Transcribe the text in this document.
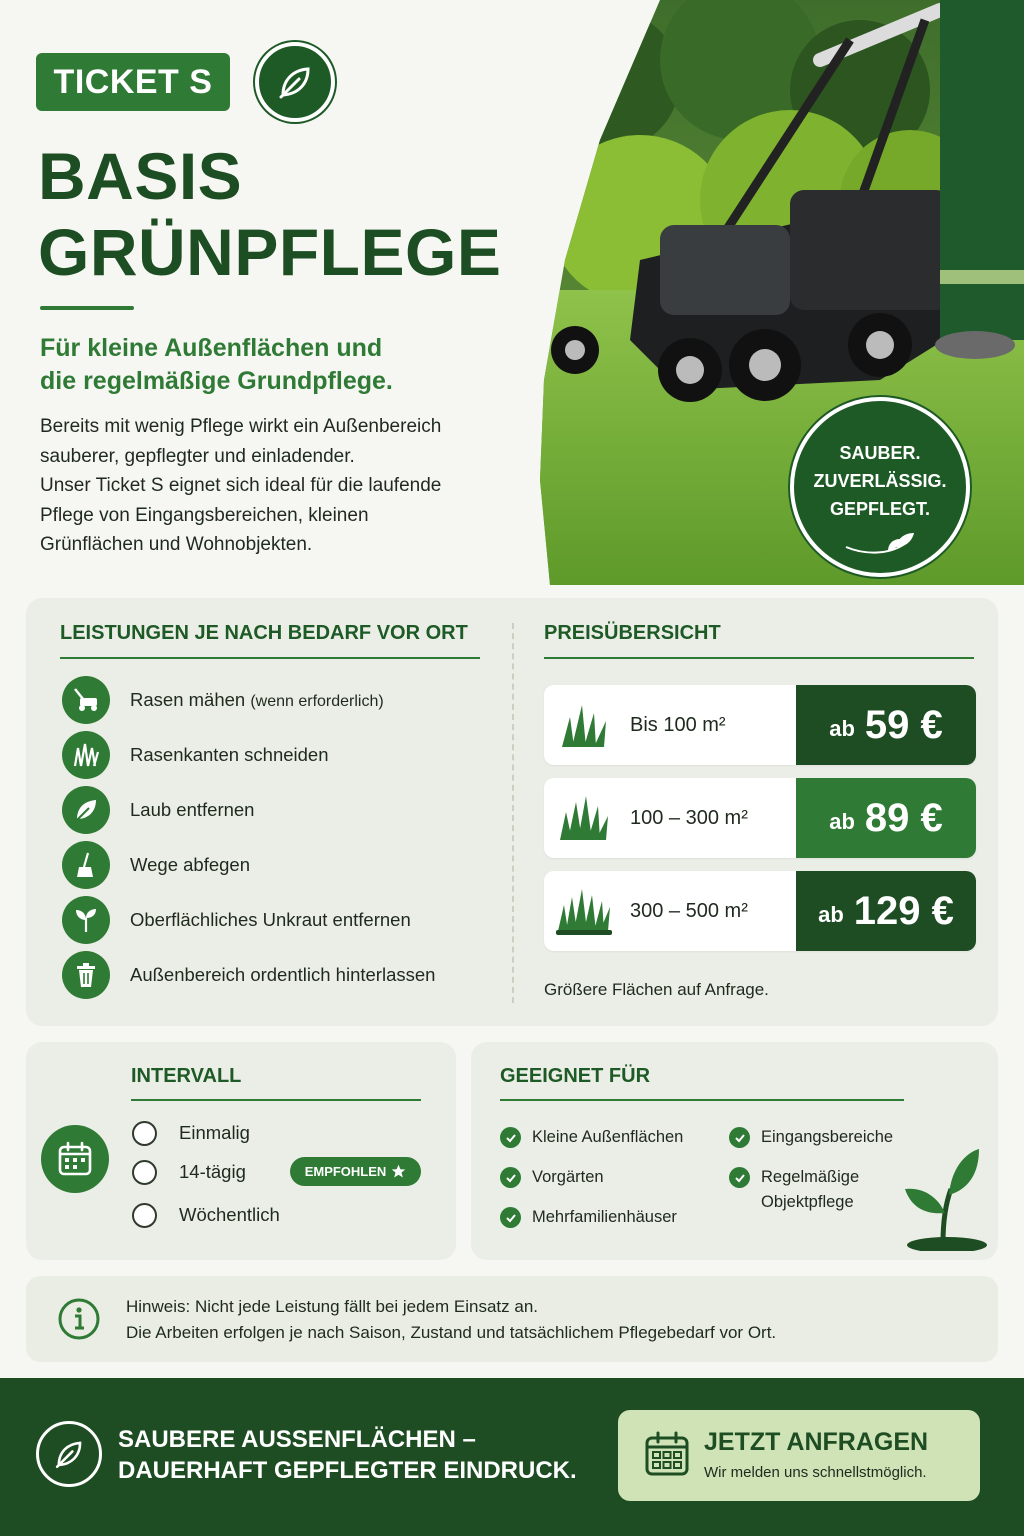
TICKET S
BASIS
GRÜNPFLEGE
Für kleine Außenflächen und
die regelmäßige Grundpflege.
Bereits mit wenig Pflege wirkt ein Außenbereich
sauberer, gepflegter und einladender.
Unser Ticket S eignet sich ideal für die laufende
Pflege von Eingangsbereichen, kleinen
Grünflächen und Wohnobjekten.
SAUBER.
ZUVERLÄSSIG.
GEPFLEGT.
LEISTUNGEN JE NACH BEDARF VOR ORT
Rasen mähen (wenn erforderlich)
Rasenkanten schneiden
Laub entfernen
Wege abfegen
Oberflächliches Unkraut entfernen
Außenbereich ordentlich hinterlassen
PREISÜBERSICHT
Bis 100 m²	ab 59 €
100 – 300 m²	ab 89 €
300 – 500 m²	ab 129 €
Größere Flächen auf Anfrage.
INTERVALL
Einmalig
14-tägig	EMPFOHLEN
Wöchentlich
GEEIGNET FÜR
Kleine Außenflächen
Vorgärten
Mehrfamilienhäuser
Eingangsbereiche
Regelmäßige Objektpflege
Hinweis: Nicht jede Leistung fällt bei jedem Einsatz an.
Die Arbeiten erfolgen je nach Saison, Zustand und tatsächlichem Pflegebedarf vor Ort.
SAUBERE AUSSENFLÄCHEN –
DAUERHAFT GEPFLEGTER EINDRUCK.
JETZT ANFRAGEN
Wir melden uns schnellstmöglich.
